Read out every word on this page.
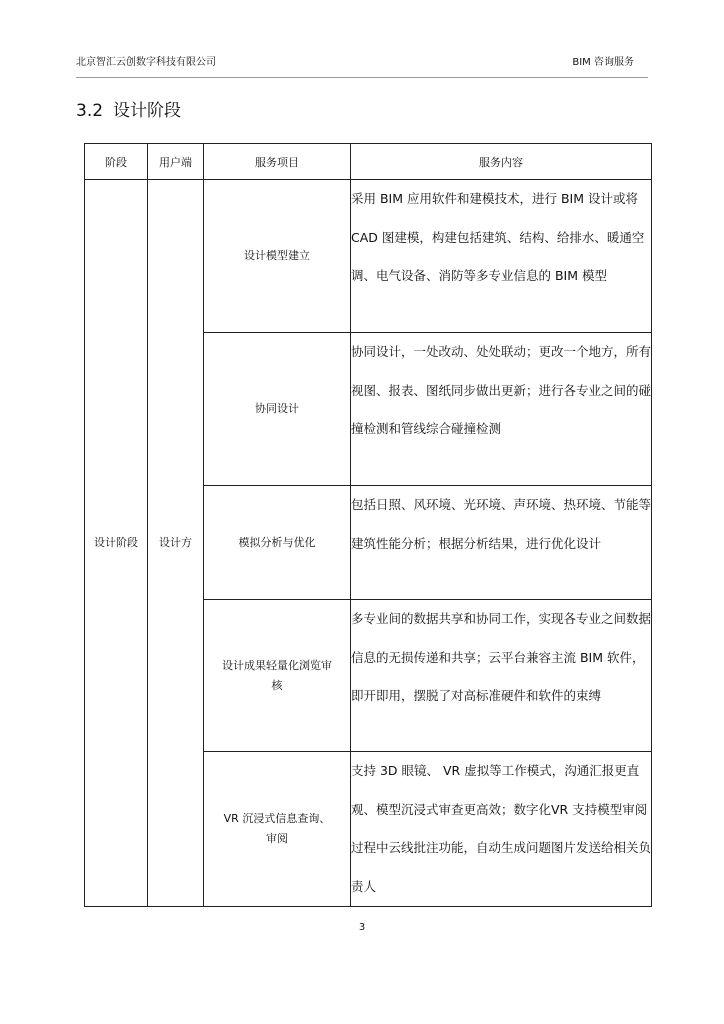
北京智汇云创数字科技有限公司	BIM 咨询服务
3.2 设计阶段
阶段	用户端	服务项目	服务内容

设计阶段	设计方	设计模型建立	采用 BIM 应用软件和建模技术，进行 BIM 设计或将 CAD 图建模，构建包括建筑、结构、给排水、暖通空调、电气设备、消防等多专业信息的 BIM 模型
		协同设计	协同设计，一处改动、处处联动；更改一个地方，所有视图、报表、图纸同步做出更新；进行各专业之间的碰撞检测和管线综合碰撞检测
		模拟分析与优化	包括日照、风环境、光环境、声环境、热环境、节能等建筑性能分析；根据分析结果，进行优化设计

		设计成果轻量化浏览审核	多专业间的数据共享和协同工作，实现各专业之间数据信息的无损传递和共享；云平台兼容主流 BIM 软件，即开即用，摆脱了对高标准硬件和软件的束缚

		VR 沉浸式信息查询、审阅	支持 3D 眼镜、 VR 虚拟等工作模式，沟通汇报更直观、模型沉浸式审查更高效；数字化VR 支持模型审阅过程中云线批注功能，自动生成问题图片发送给相关负责人
3
